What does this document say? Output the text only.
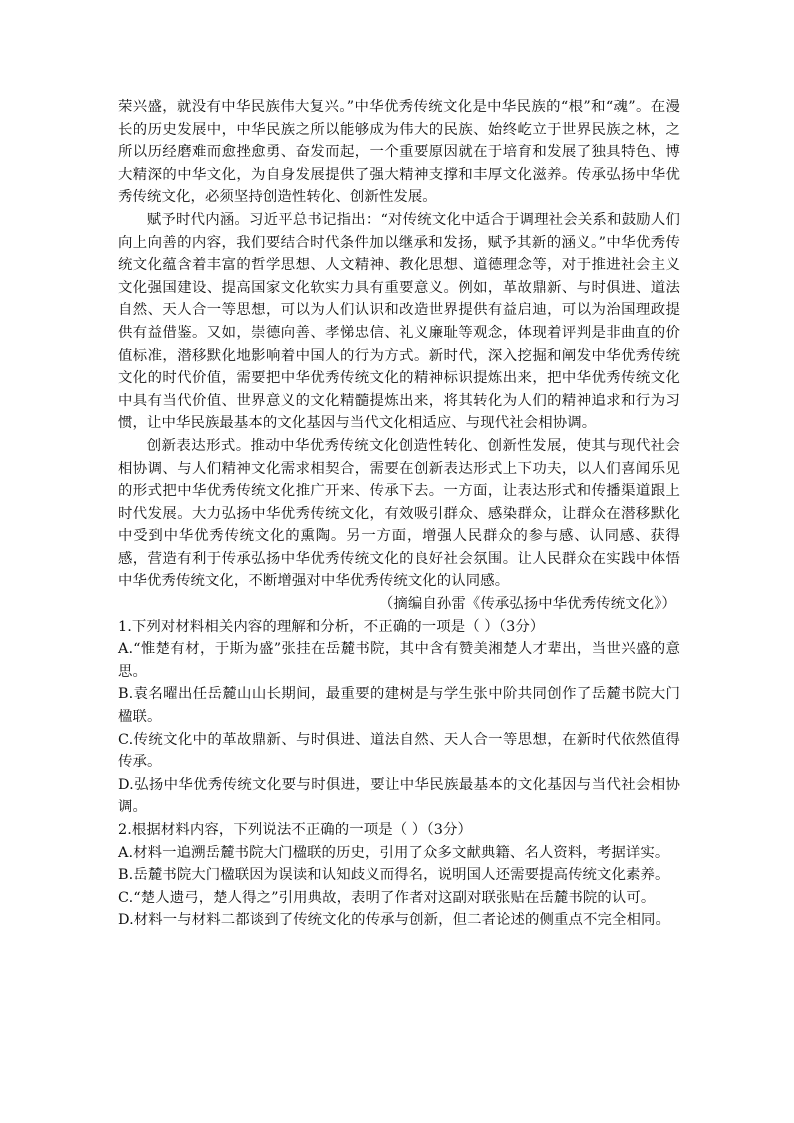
荣兴盛，就没有中华民族伟大复兴。”中华优秀传统文化是中华民族的“根”和“魂”。在漫长的历史发展中，中华民族之所以能够成为伟大的民族、始终屹立于世界民族之林，之所以历经磨难而愈挫愈勇、奋发而起，一个重要原因就在于培育和发展了独具特色、博大精深的中华文化，为自身发展提供了强大精神支撑和丰厚文化滋养。传承弘扬中华优秀传统文化，必须坚持创造性转化、创新性发展。

赋予时代内涵。习近平总书记指出：“对传统文化中适合于调理社会关系和鼓励人们向上向善的内容，我们要结合时代条件加以继承和发扬，赋予其新的涵义。”中华优秀传统文化蕴含着丰富的哲学思想、人文精神、教化思想、道德理念等，对于推进社会主义文化强国建设、提高国家文化软实力具有重要意义。例如，革故鼎新、与时俱进、道法自然、天人合一等思想，可以为人们认识和改造世界提供有益启迪，可以为治国理政提供有益借鉴。又如，崇德向善、孝悌忠信、礼义廉耻等观念，体现着评判是非曲直的价值标准，潜移默化地影响着中国人的行为方式。新时代，深入挖掘和阐发中华优秀传统文化的时代价值，需要把中华优秀传统文化的精神标识提炼出来，把中华优秀传统文化中具有当代价值、世界意义的文化精髓提炼出来，将其转化为人们的精神追求和行为习惯，让中华民族最基本的文化基因与当代文化相适应、与现代社会相协调。

创新表达形式。推动中华优秀传统文化创造性转化、创新性发展，使其与现代社会相协调、与人们精神文化需求相契合，需要在创新表达形式上下功夫，以人们喜闻乐见的形式把中华优秀传统文化推广开来、传承下去。一方面，让表达形式和传播渠道跟上时代发展。大力弘扬中华优秀传统文化，有效吸引群众、感染群众，让群众在潜移默化中受到中华优秀传统文化的熏陶。另一方面，增强人民群众的参与感、认同感、获得感，营造有利于传承弘扬中华优秀传统文化的良好社会氛围。让人民群众在实践中体悟中华优秀传统文化，不断增强对中华优秀传统文化的认同感。

（摘编自孙雷《传承弘扬中华优秀传统文化》）

1.下列对材料相关内容的理解和分析，不正确的一项是（ ）（3分）

A.“惟楚有材，于斯为盛”张挂在岳麓书院，其中含有赞美湘楚人才辈出，当世兴盛的意思。

B.袁名曜出任岳麓山山长期间，最重要的建树是与学生张中阶共同创作了岳麓书院大门楹联。

C.传统文化中的革故鼎新、与时俱进、道法自然、天人合一等思想，在新时代依然值得传承。

D.弘扬中华优秀传统文化要与时俱进，要让中华民族最基本的文化基因与当代社会相协调。

2.根据材料内容，下列说法不正确的一项是（ ）（3分）

A.材料一追溯岳麓书院大门楹联的历史，引用了众多文献典籍、名人资料，考据详实。

B.岳麓书院大门楹联因为误读和认知歧义而得名，说明国人还需要提高传统文化素养。

C.“楚人遗弓，楚人得之”引用典故，表明了作者对这副对联张贴在岳麓书院的认可。

D.材料一与材料二都谈到了传统文化的传承与创新，但二者论述的侧重点不完全相同。
